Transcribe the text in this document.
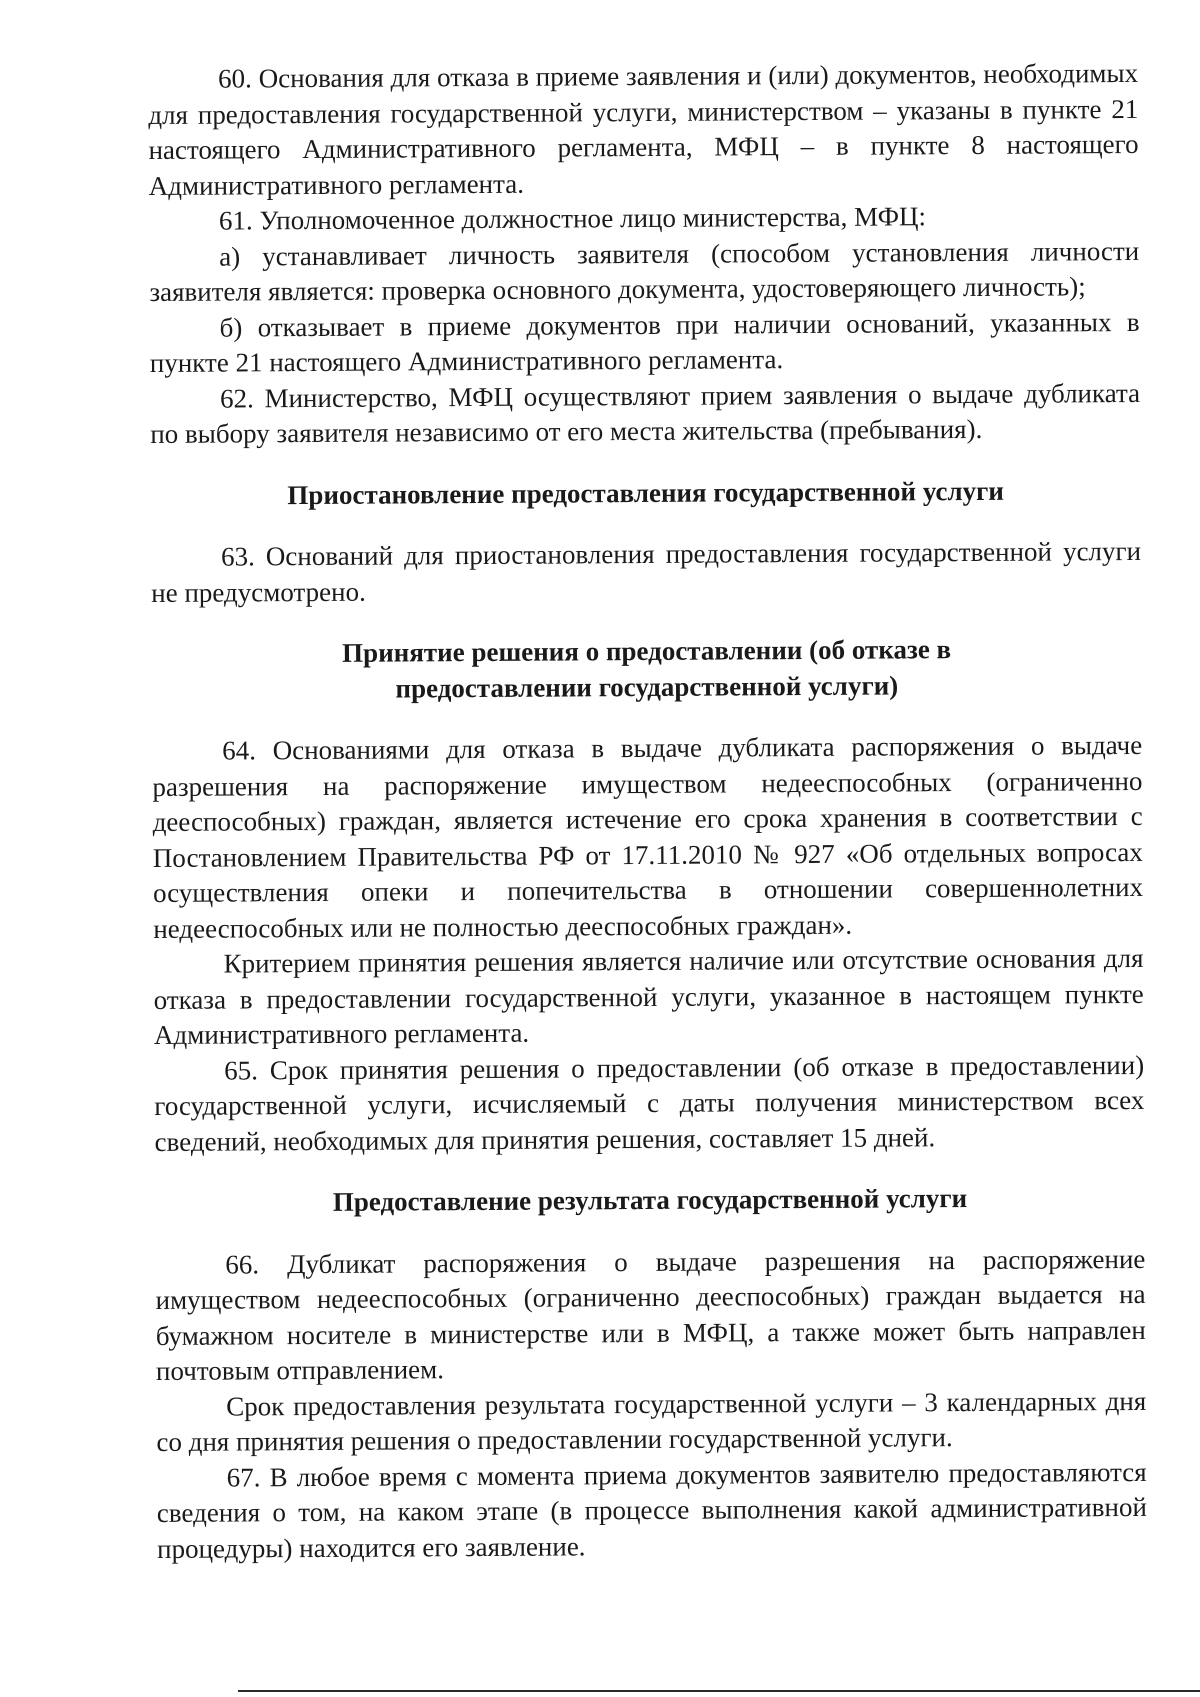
60. Основания для отказа в приеме заявления и (или) документов, необходимых для предоставления государственной услуги, министерством – указаны в пункте 21 настоящего Административного регламента, МФЦ – в пункте 8 настоящего Административного регламента.

61. Уполномоченное должностное лицо министерства, МФЦ:

а) устанавливает личность заявителя (способом установления личности заявителя является: проверка основного документа, удостоверяющего личность);

б) отказывает в приеме документов при наличии оснований, указанных в пункте 21 настоящего Административного регламента.

62. Министерство, МФЦ осуществляют прием заявления о выдаче дубликата по выбору заявителя независимо от его места жительства (пребывания).

Приостановление предоставления государственной услуги

63. Оснований для приостановления предоставления государственной услуги не предусмотрено.

Принятие решения о предоставлении (об отказе в предоставлении государственной услуги)

64. Основаниями для отказа в выдаче дубликата распоряжения о выдаче разрешения на распоряжение имуществом недееспособных (ограниченно дееспособных) граждан, является истечение его срока хранения в соответствии с Постановлением Правительства РФ от 17.11.2010 № 927 «Об отдельных вопросах осуществления опеки и попечительства в отношении совершеннолетних недееспособных или не полностью дееспособных граждан».

Критерием принятия решения является наличие или отсутствие основания для отказа в предоставлении государственной услуги, указанное в настоящем пункте Административного регламента.

65. Срок принятия решения о предоставлении (об отказе в предоставлении) государственной услуги, исчисляемый с даты получения министерством всех сведений, необходимых для принятия решения, составляет 15 дней.

Предоставление результата государственной услуги

66. Дубликат распоряжения о выдаче разрешения на распоряжение имуществом недееспособных (ограниченно дееспособных) граждан выдается на бумажном носителе в министерстве или в МФЦ, а также может быть направлен почтовым отправлением.

Срок предоставления результата государственной услуги – 3 календарных дня со дня принятия решения о предоставлении государственной услуги.

67. В любое время с момента приема документов заявителю предоставляются сведения о том, на каком этапе (в процессе выполнения какой административной процедуры) находится его заявление.
